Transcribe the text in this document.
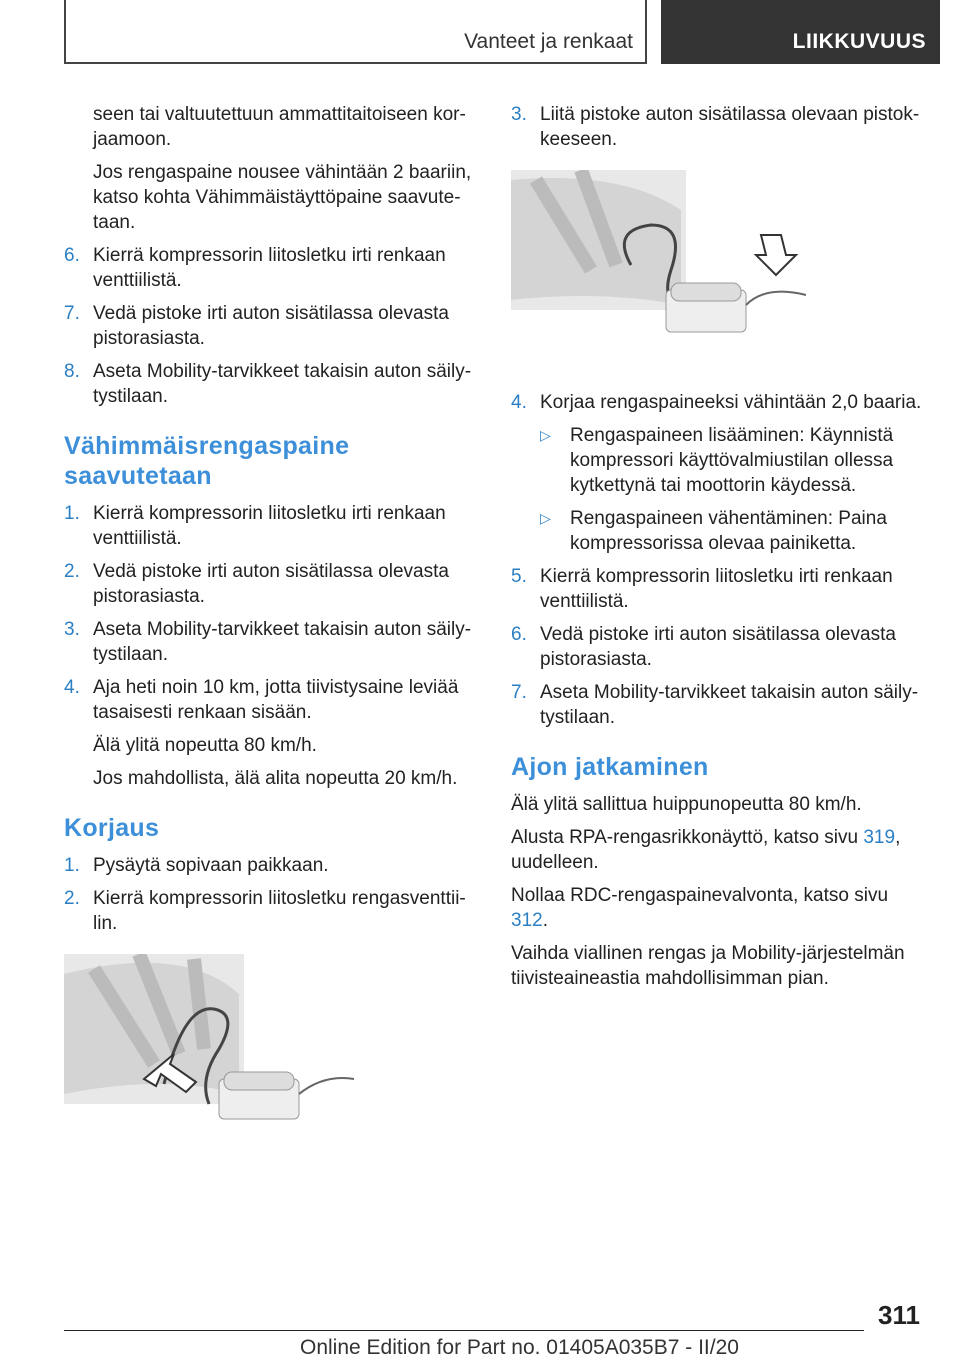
Vanteet ja renkaat	LIIKKUVUUS

seen tai valtuutettuun ammattitaitoiseen kor-jaamoon.

Jos rengaspaine nousee vähintään 2 baariin, katso kohta Vähimmäistäyttöpaine saavute-taan.

6. Kierrä kompressorin liitosletku irti renkaan venttiilistä.
7. Vedä pistoke irti auton sisätilassa olevasta pistorasiasta.
8. Aseta Mobility-tarvikkeet takaisin auton säily-tystilaan.
Vähimmäisrengaspaine saavutetaan
1. Kierrä kompressorin liitosletku irti renkaan venttiilistä.
2. Vedä pistoke irti auton sisätilassa olevasta pistorasiasta.
3. Aseta Mobility-tarvikkeet takaisin auton säily-tystilaan.
4. Aja heti noin 10 km, jotta tiivistysaine leviää tasaisesti renkaan sisään.

Älä ylitä nopeutta 80 km/h.

Jos mahdollista, älä alita nopeutta 20 km/h.

Korjaus
1. Pysäytä sopivaan paikkaan.
2. Kierrä kompressorin liitosletku rengasventtii-lin.
3. Liitä pistoke auton sisätilassa olevaan pistok-keeseen.
4. Korjaa rengaspaineeksi vähintään 2,0 baaria.
▷	Rengaspaineen lisääminen: Käynnistä kompressori käyttövalmiustilan ollessa kytkettynä tai moottorin käydessä.
▷	Rengaspaineen vähentäminen: Paina kompressorissa olevaa painiketta.
5. Kierrä kompressorin liitosletku irti renkaan venttiilistä.
6. Vedä pistoke irti auton sisätilassa olevasta pistorasiasta.
7. Aseta Mobility-tarvikkeet takaisin auton säily-tystilaan.
Ajon jatkaminen

Älä ylitä sallittua huippunopeutta 80 km/h.

Alusta RPA-rengasrikkonäyttö, katso sivu 319, uudelleen.

Nollaa RDC-rengaspainevalvonta, katso sivu 312.

Vaihda viallinen rengas ja Mobility-järjestelmän tiivisteaineastia mahdollisimman pian.

311
Online Edition for Part no. 01405A035B7 - II/20
